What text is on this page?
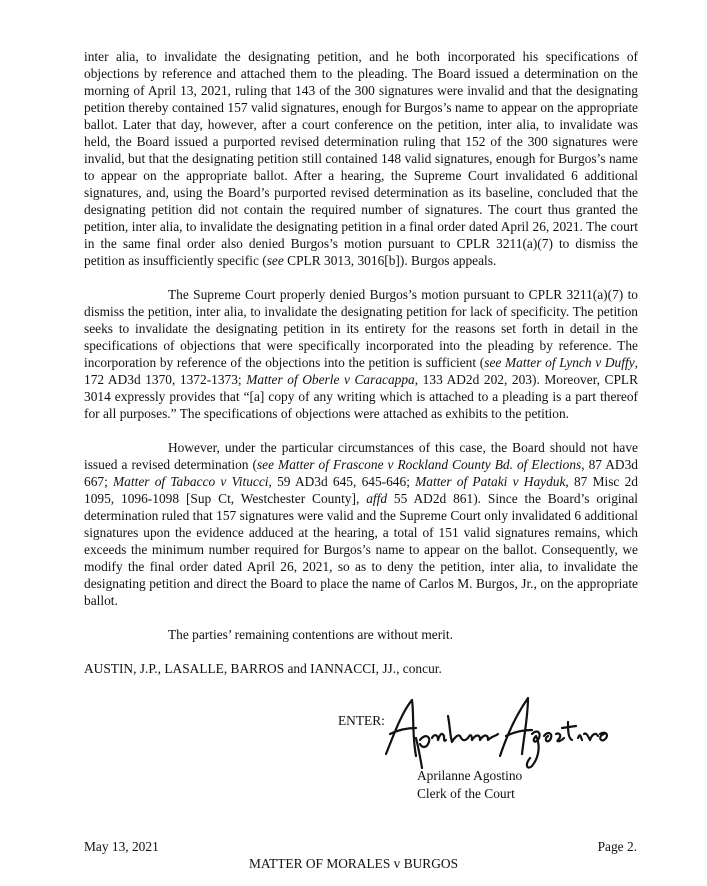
inter alia, to invalidate the designating petition, and he both incorporated his specifications of objections by reference and attached them to the pleading. The Board issued a determination on the morning of April 13, 2021, ruling that 143 of the 300 signatures were invalid and that the designating petition thereby contained 157 valid signatures, enough for Burgos’s name to appear on the appropriate ballot. Later that day, however, after a court conference on the petition, inter alia, to invalidate was held, the Board issued a purported revised determination ruling that 152 of the 300 signatures were invalid, but that the designating petition still contained 148 valid signatures, enough for Burgos’s name to appear on the appropriate ballot. After a hearing, the Supreme Court invalidated 6 additional signatures, and, using the Board’s purported revised determination as its baseline, concluded that the designating petition did not contain the required number of signatures. The court thus granted the petition, inter alia, to invalidate the designating petition in a final order dated April 26, 2021. The court in the same final order also denied Burgos’s motion pursuant to CPLR 3211(a)(7) to dismiss the petition as insufficiently specific (see CPLR 3013, 3016[b]). Burgos appeals.

The Supreme Court properly denied Burgos’s motion pursuant to CPLR 3211(a)(7) to dismiss the petition, inter alia, to invalidate the designating petition for lack of specificity. The petition seeks to invalidate the designating petition in its entirety for the reasons set forth in detail in the specifications of objections that were specifically incorporated into the pleading by reference. The incorporation by reference of the objections into the petition is sufficient (see Matter of Lynch v Duffy, 172 AD3d 1370, 1372-1373; Matter of Oberle v Caracappa, 133 AD2d 202, 203). Moreover, CPLR 3014 expressly provides that “[a] copy of any writing which is attached to a pleading is a part thereof for all purposes.” The specifications of objections were attached as exhibits to the petition.

However, under the particular circumstances of this case, the Board should not have issued a revised determination (see Matter of Frascone v Rockland County Bd. of Elections, 87 AD3d 667; Matter of Tabacco v Vitucci, 59 AD3d 645, 645-646; Matter of Pataki v Hayduk, 87 Misc 2d 1095, 1096-1098 [Sup Ct, Westchester County], affd 55 AD2d 861). Since the Board’s original determination ruled that 157 signatures were valid and the Supreme Court only invalidated 6 additional signatures upon the evidence adduced at the hearing, a total of 151 valid signatures remains, which exceeds the minimum number required for Burgos’s name to appear on the ballot. Consequently, we modify the final order dated April 26, 2021, so as to deny the petition, inter alia, to invalidate the designating petition and direct the Board to place the name of Carlos M. Burgos, Jr., on the appropriate ballot.

The parties’ remaining contentions are without merit.

AUSTIN, J.P., LASALLE, BARROS and IANNACCI, JJ., concur.

ENTER:
Aprilanne Agostino
Clerk of the Court
May 13, 2021	Page 2.
MATTER OF MORALES v BURGOS
